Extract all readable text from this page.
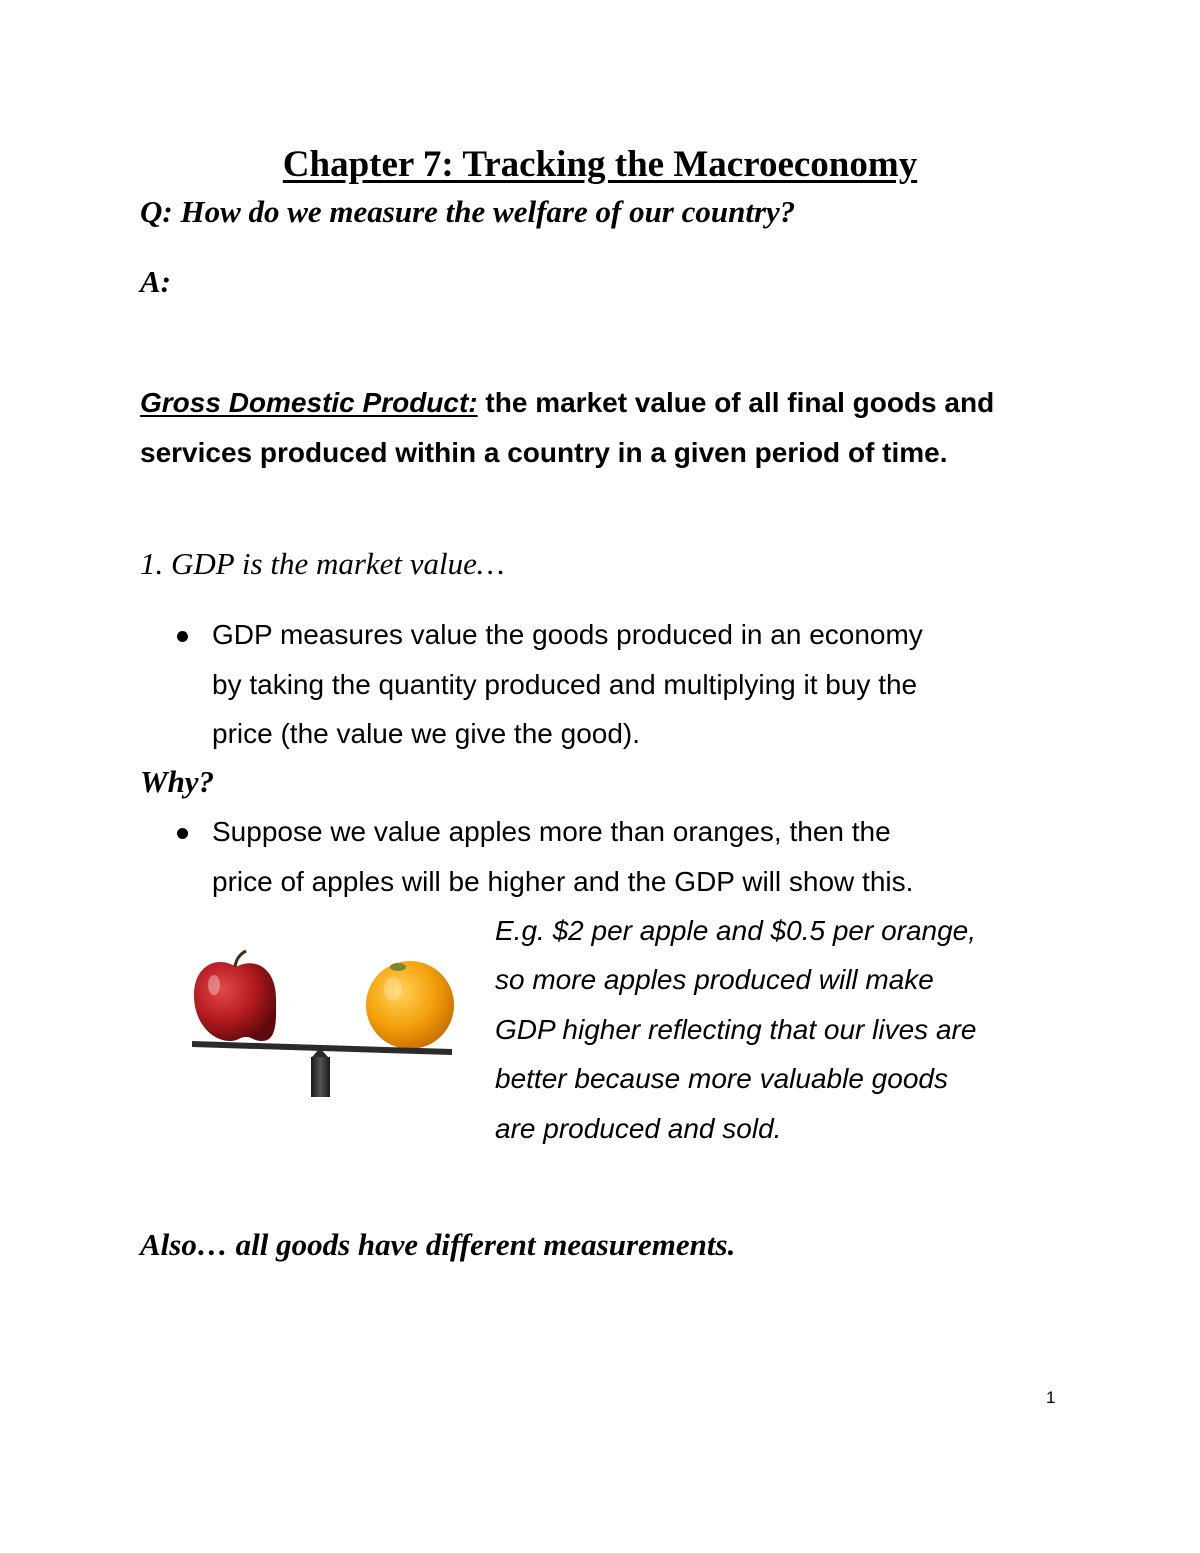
Chapter 7: Tracking the Macroeconomy

Q: How do we measure the welfare of our country?

A:

Gross Domestic Product: the market value of all final goods and services produced within a country in a given period of time.

1. GDP is the market value…

GDP measures value the goods produced in an economy

by taking the quantity produced and multiplying it buy the

price (the value we give the good).

Why?

Suppose we value apples more than oranges, then the

price of apples will be higher and the GDP will show this.

E.g. $2 per apple and $0.5 per orange,

so more apples produced will make

GDP higher reflecting that our lives are

better because more valuable goods

are produced and sold.

Also… all goods have different measurements.

1
